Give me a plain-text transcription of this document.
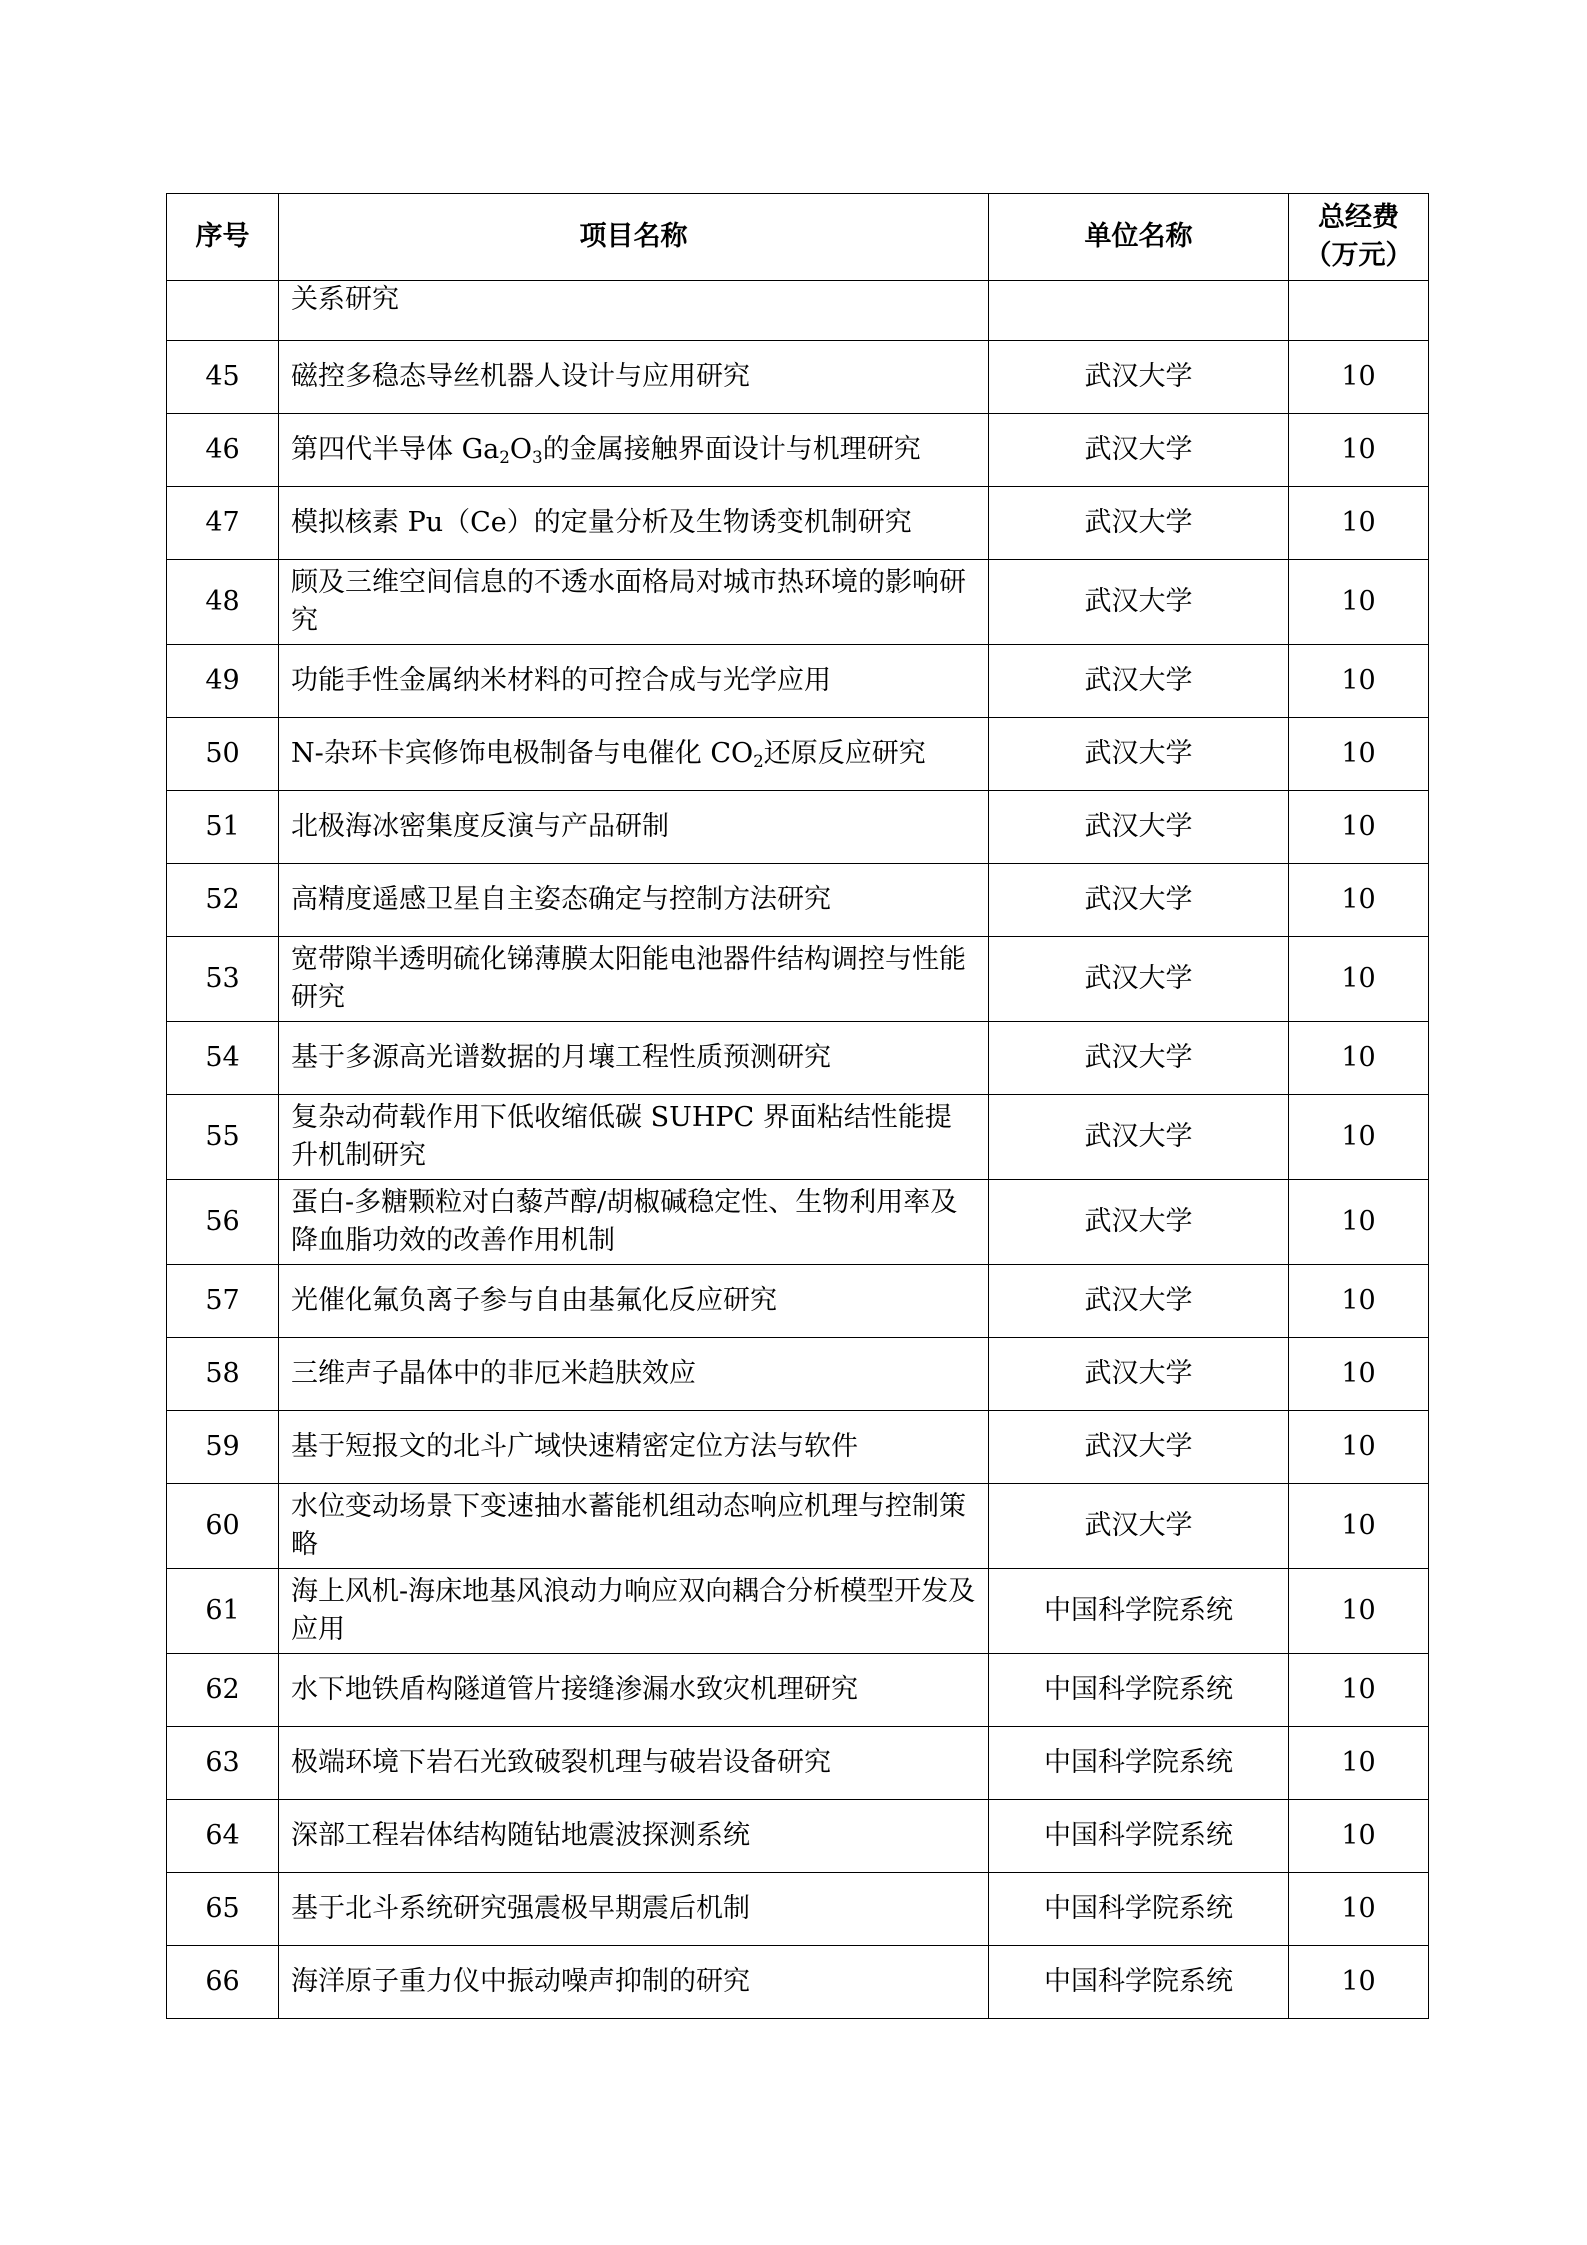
序号	项目名称	单位名称	总经费
（万元）

	关系研究		
45	磁控多稳态导丝机器人设计与应用研究	武汉大学	10
46	第四代半导体 $Ga_2O_3$的金属接触界面设计与机理研究	武汉大学	10
47	模拟核素 Pu（Ce）的定量分析及生物诱变机制研究	武汉大学	10
48	顾及三维空间信息的不透水面格局对城市热环境的影响研究	武汉大学	10
49	功能手性金属纳米材料的可控合成与光学应用	武汉大学	10
50	N-杂环卡宾修饰电极制备与电催化 $CO_2$还原反应研究	武汉大学	10
51	北极海冰密集度反演与产品研制	武汉大学	10
52	高精度遥感卫星自主姿态确定与控制方法研究	武汉大学	10
53	宽带隙半透明硫化锑薄膜太阳能电池器件结构调控与性能研究	武汉大学	10
54	基于多源高光谱数据的月壤工程性质预测研究	武汉大学	10
55	复杂动荷载作用下低收缩低碳 SUHPC 界面粘结性能提升机制研究	武汉大学	10
56	蛋白-多糖颗粒对白藜芦醇/胡椒碱稳定性、生物利用率及降血脂功效的改善作用机制	武汉大学	10
57	光催化氟负离子参与自由基氟化反应研究	武汉大学	10
58	三维声子晶体中的非厄米趋肤效应	武汉大学	10
59	基于短报文的北斗广域快速精密定位方法与软件	武汉大学	10
60	水位变动场景下变速抽水蓄能机组动态响应机理与控制策略	武汉大学	10
61	海上风机-海床地基风浪动力响应双向耦合分析模型开发及应用	中国科学院系统	10
62	水下地铁盾构隧道管片接缝渗漏水致灾机理研究	中国科学院系统	10
63	极端环境下岩石光致破裂机理与破岩设备研究	中国科学院系统	10
64	深部工程岩体结构随钻地震波探测系统	中国科学院系统	10
65	基于北斗系统研究强震极早期震后机制	中国科学院系统	10
66	海洋原子重力仪中振动噪声抑制的研究	中国科学院系统	10
